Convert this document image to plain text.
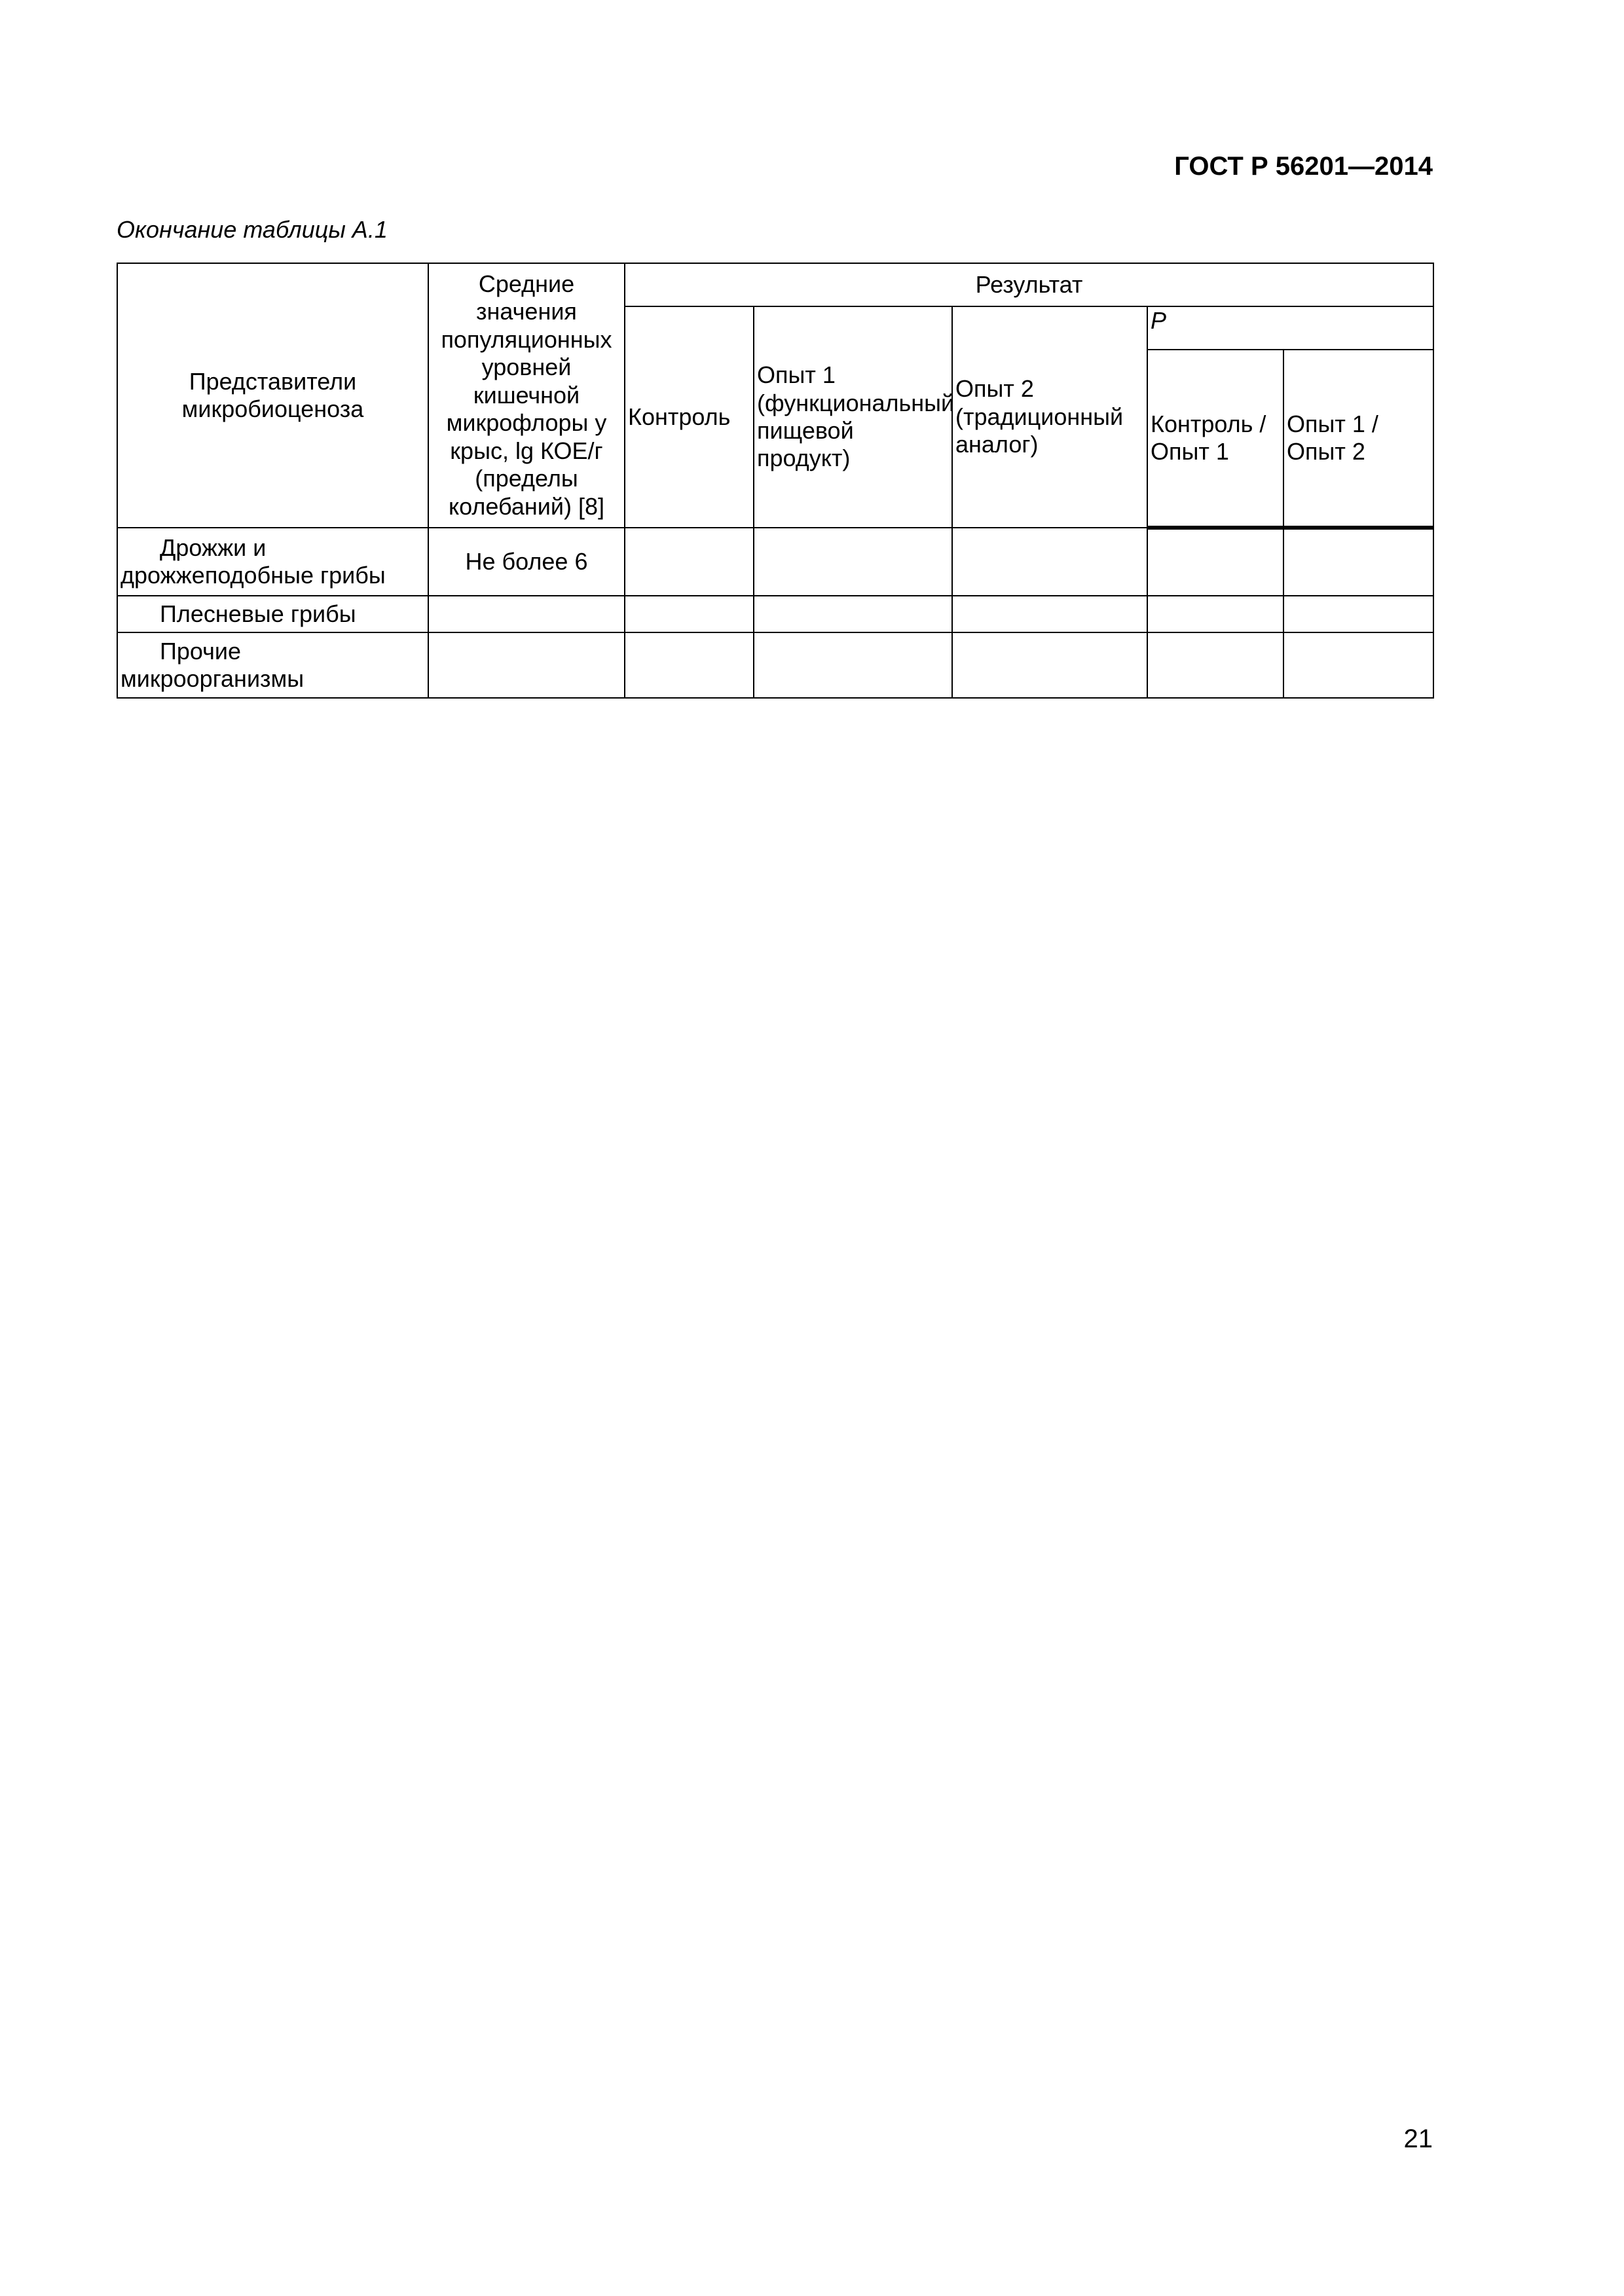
ГОСТ Р 56201—2014
Окончание таблицы А.1
Представители микробиоценоза	Средние значения популяционных уровней кишечной микрофлоры у крыс, lg КОЕ/г (пределы колебаний) [8]	Результат				
		Контроль	Опыт 1 (функциональный пищевой продукт)	Опыт 2 (традиционный аналог)	P	
					Контроль / Опыт 1	Опыт 1 / Опыт 2
Дрожжи и дрожжеподобные грибы	Не более 6					
Плесневые грибы						
Прочие микроорганизмы						
21
